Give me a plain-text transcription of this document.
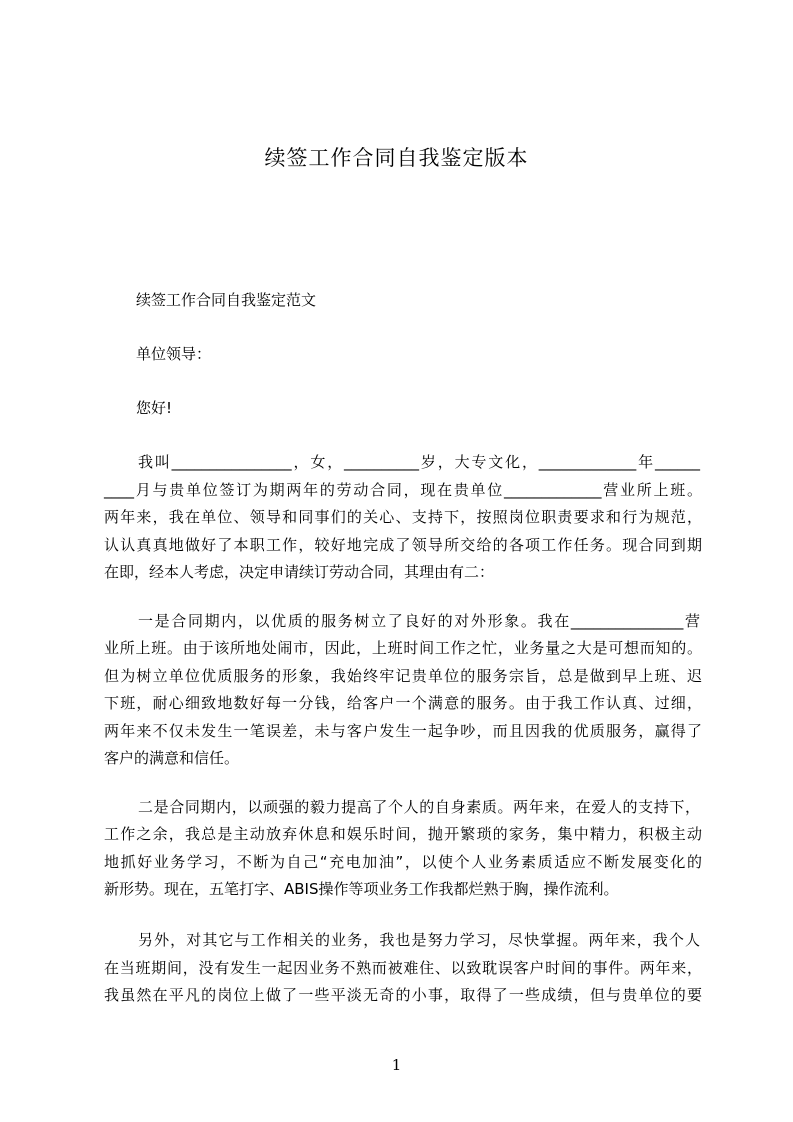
续签工作合同自我鉴定版本
续签工作合同自我鉴定范文
单位领导：
您好!
我叫________________，女，__________岁，大专文化，_____________年______
____月与贵单位签订为期两年的劳动合同，现在贵单位_____________营业所上班。
两年来，我在单位、领导和同事们的关心、支持下，按照岗位职责要求和行为规范，
认认真真地做好了本职工作，较好地完成了领导所交给的各项工作任务。现合同到期
在即，经本人考虑，决定申请续订劳动合同，其理由有二：
一是合同期内，以优质的服务树立了良好的对外形象。我在_______________营
业所上班。由于该所地处闹市，因此，上班时间工作之忙，业务量之大是可想而知的。
但为树立单位优质服务的形象，我始终牢记贵单位的服务宗旨，总是做到早上班、迟
下班，耐心细致地数好每一分钱，给客户一个满意的服务。由于我工作认真、过细，
两年来不仅未发生一笔误差，未与客户发生一起争吵，而且因我的优质服务，赢得了
客户的满意和信任。
二是合同期内，以顽强的毅力提高了个人的自身素质。两年来，在爱人的支持下，
工作之余，我总是主动放弃休息和娱乐时间，抛开繁琐的家务，集中精力，积极主动
地抓好业务学习，不断为自己“充电加油”，以使个人业务素质适应不断发展变化的
新形势。现在，五笔打字、ABIS操作等项业务工作我都烂熟于胸，操作流利。
另外，对其它与工作相关的业务，我也是努力学习，尽快掌握。两年来，我个人
在当班期间，没有发生一起因业务不熟而被难住、以致耽误客户时间的事件。两年来，
我虽然在平凡的岗位上做了一些平淡无奇的小事，取得了一些成绩，但与贵单位的要
1
